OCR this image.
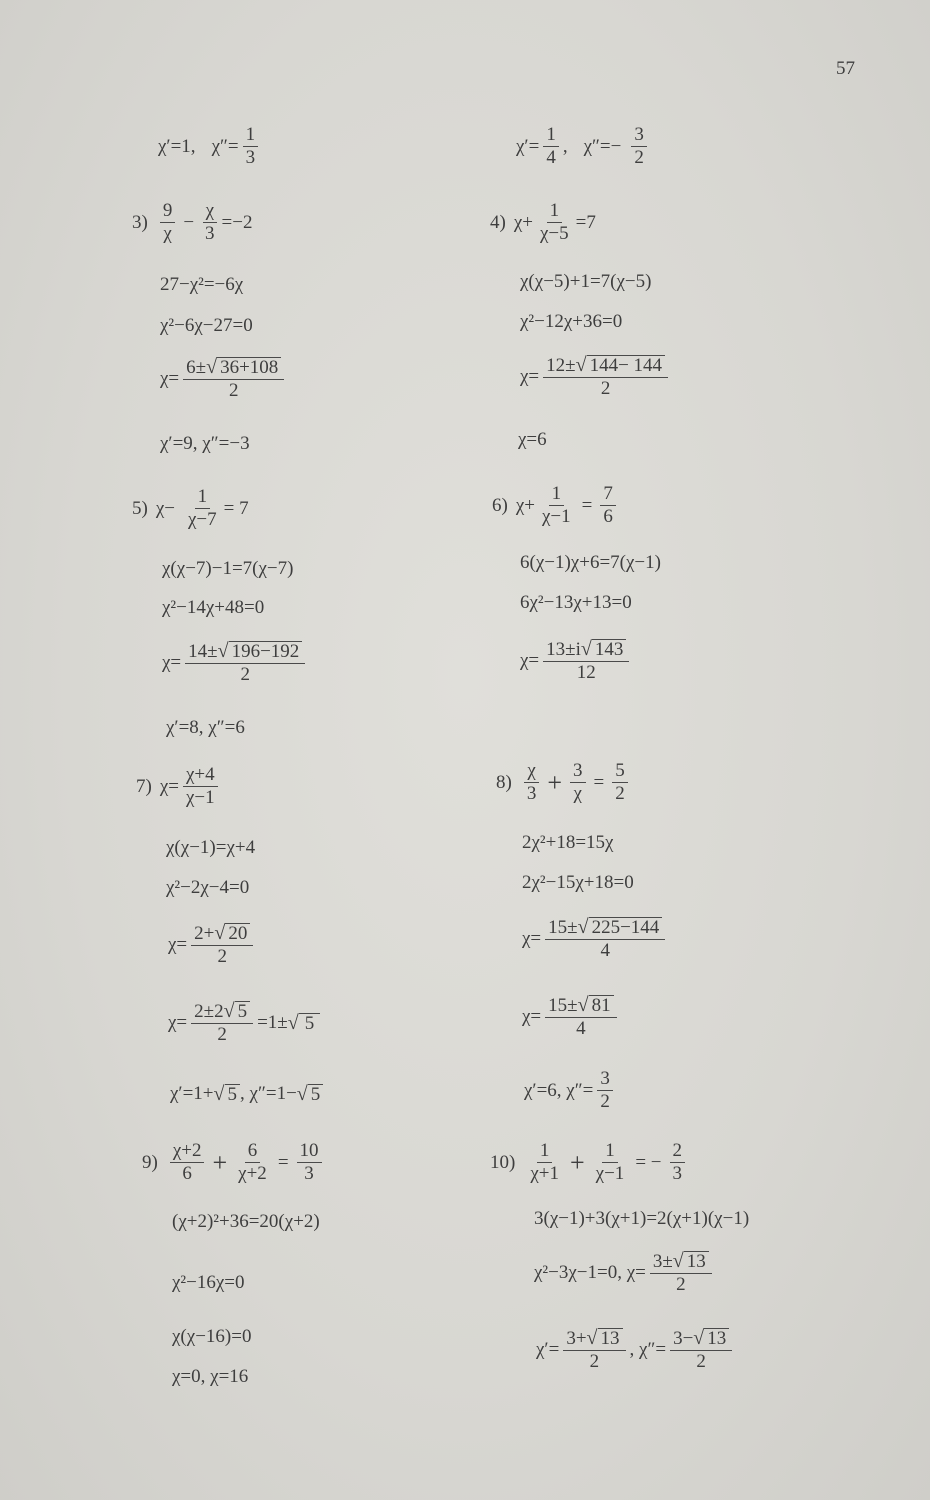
57
χ′=1, $\chi''= \frac{1}{3}$
$3) \frac{9}{\chi} - \frac{\chi}{3} =-2$
27−χ²=−6χ
χ²−6χ−27=0
$\chi= \frac{6\pm √ 36+108}{2}$
χ′=9, χ″=−3
5) $\chi- \frac{1}{\chi-7} = 7$
χ(χ−7)−1=7(χ−7)
χ²−14χ+48=0
$\chi= \frac{14\pm √ 196-192}{2}$
χ′=8, χ″=6
7) $\chi= \frac{\chi+4}{\chi-1}$
χ(χ−1)=χ+4
χ²−2χ−4=0
$\chi= \frac{2+ √ 20}{2}$
$\chi= \frac{2\pm 2 √ 5}{2} =1\pm$ √ 5
χ′=1+ √ 5 , χ″=1− √ 5
$9) \frac{\chi+2}{6} + \frac{6}{\chi+2} = \frac{10}{3}$
(χ+2)²+36=20(χ+2)
χ²−16χ=0
χ(χ−16)=0
χ=0, χ=16
$\chi'= \frac{1}{4}$ , $\chi''=- \frac{3}{2}$
4) $\chi+ \frac{1}{\chi-5} =7$
χ(χ−5)+1=7(χ−5)
χ²−12χ+36=0
$\chi= \frac{12\pm √ 144- 144}{2}$
χ=6
6) $\chi+ \frac{1}{\chi-1} = \frac{7}{6}$
6(χ−1)χ+6=7(χ−1)
6χ²−13χ+13=0
$\chi= \frac{13\pm i √ 143}{12}$
$8) \frac{\chi}{3} + \frac{3}{\chi} = \frac{5}{2}$
2χ²+18=15χ
2χ²−15χ+18=0
$\chi= \frac{15\pm √ 225-144}{4}$
$\chi= \frac{15\pm √ 81}{4}$
χ′=6, $\chi''= \frac{3}{2}$
$10) \frac{1}{\chi+1} + \frac{1}{\chi-1}$ = − $\frac{2}{3}$
3(χ−1)+3(χ+1)=2(χ+1)(χ−1)
χ²−3χ−1=0, $\chi= \frac{3\pm √ 13}{2}$
$\chi'= \frac{3+ √ 13}{2}$ , $\chi''= \frac{3- √ 13}{2}$
